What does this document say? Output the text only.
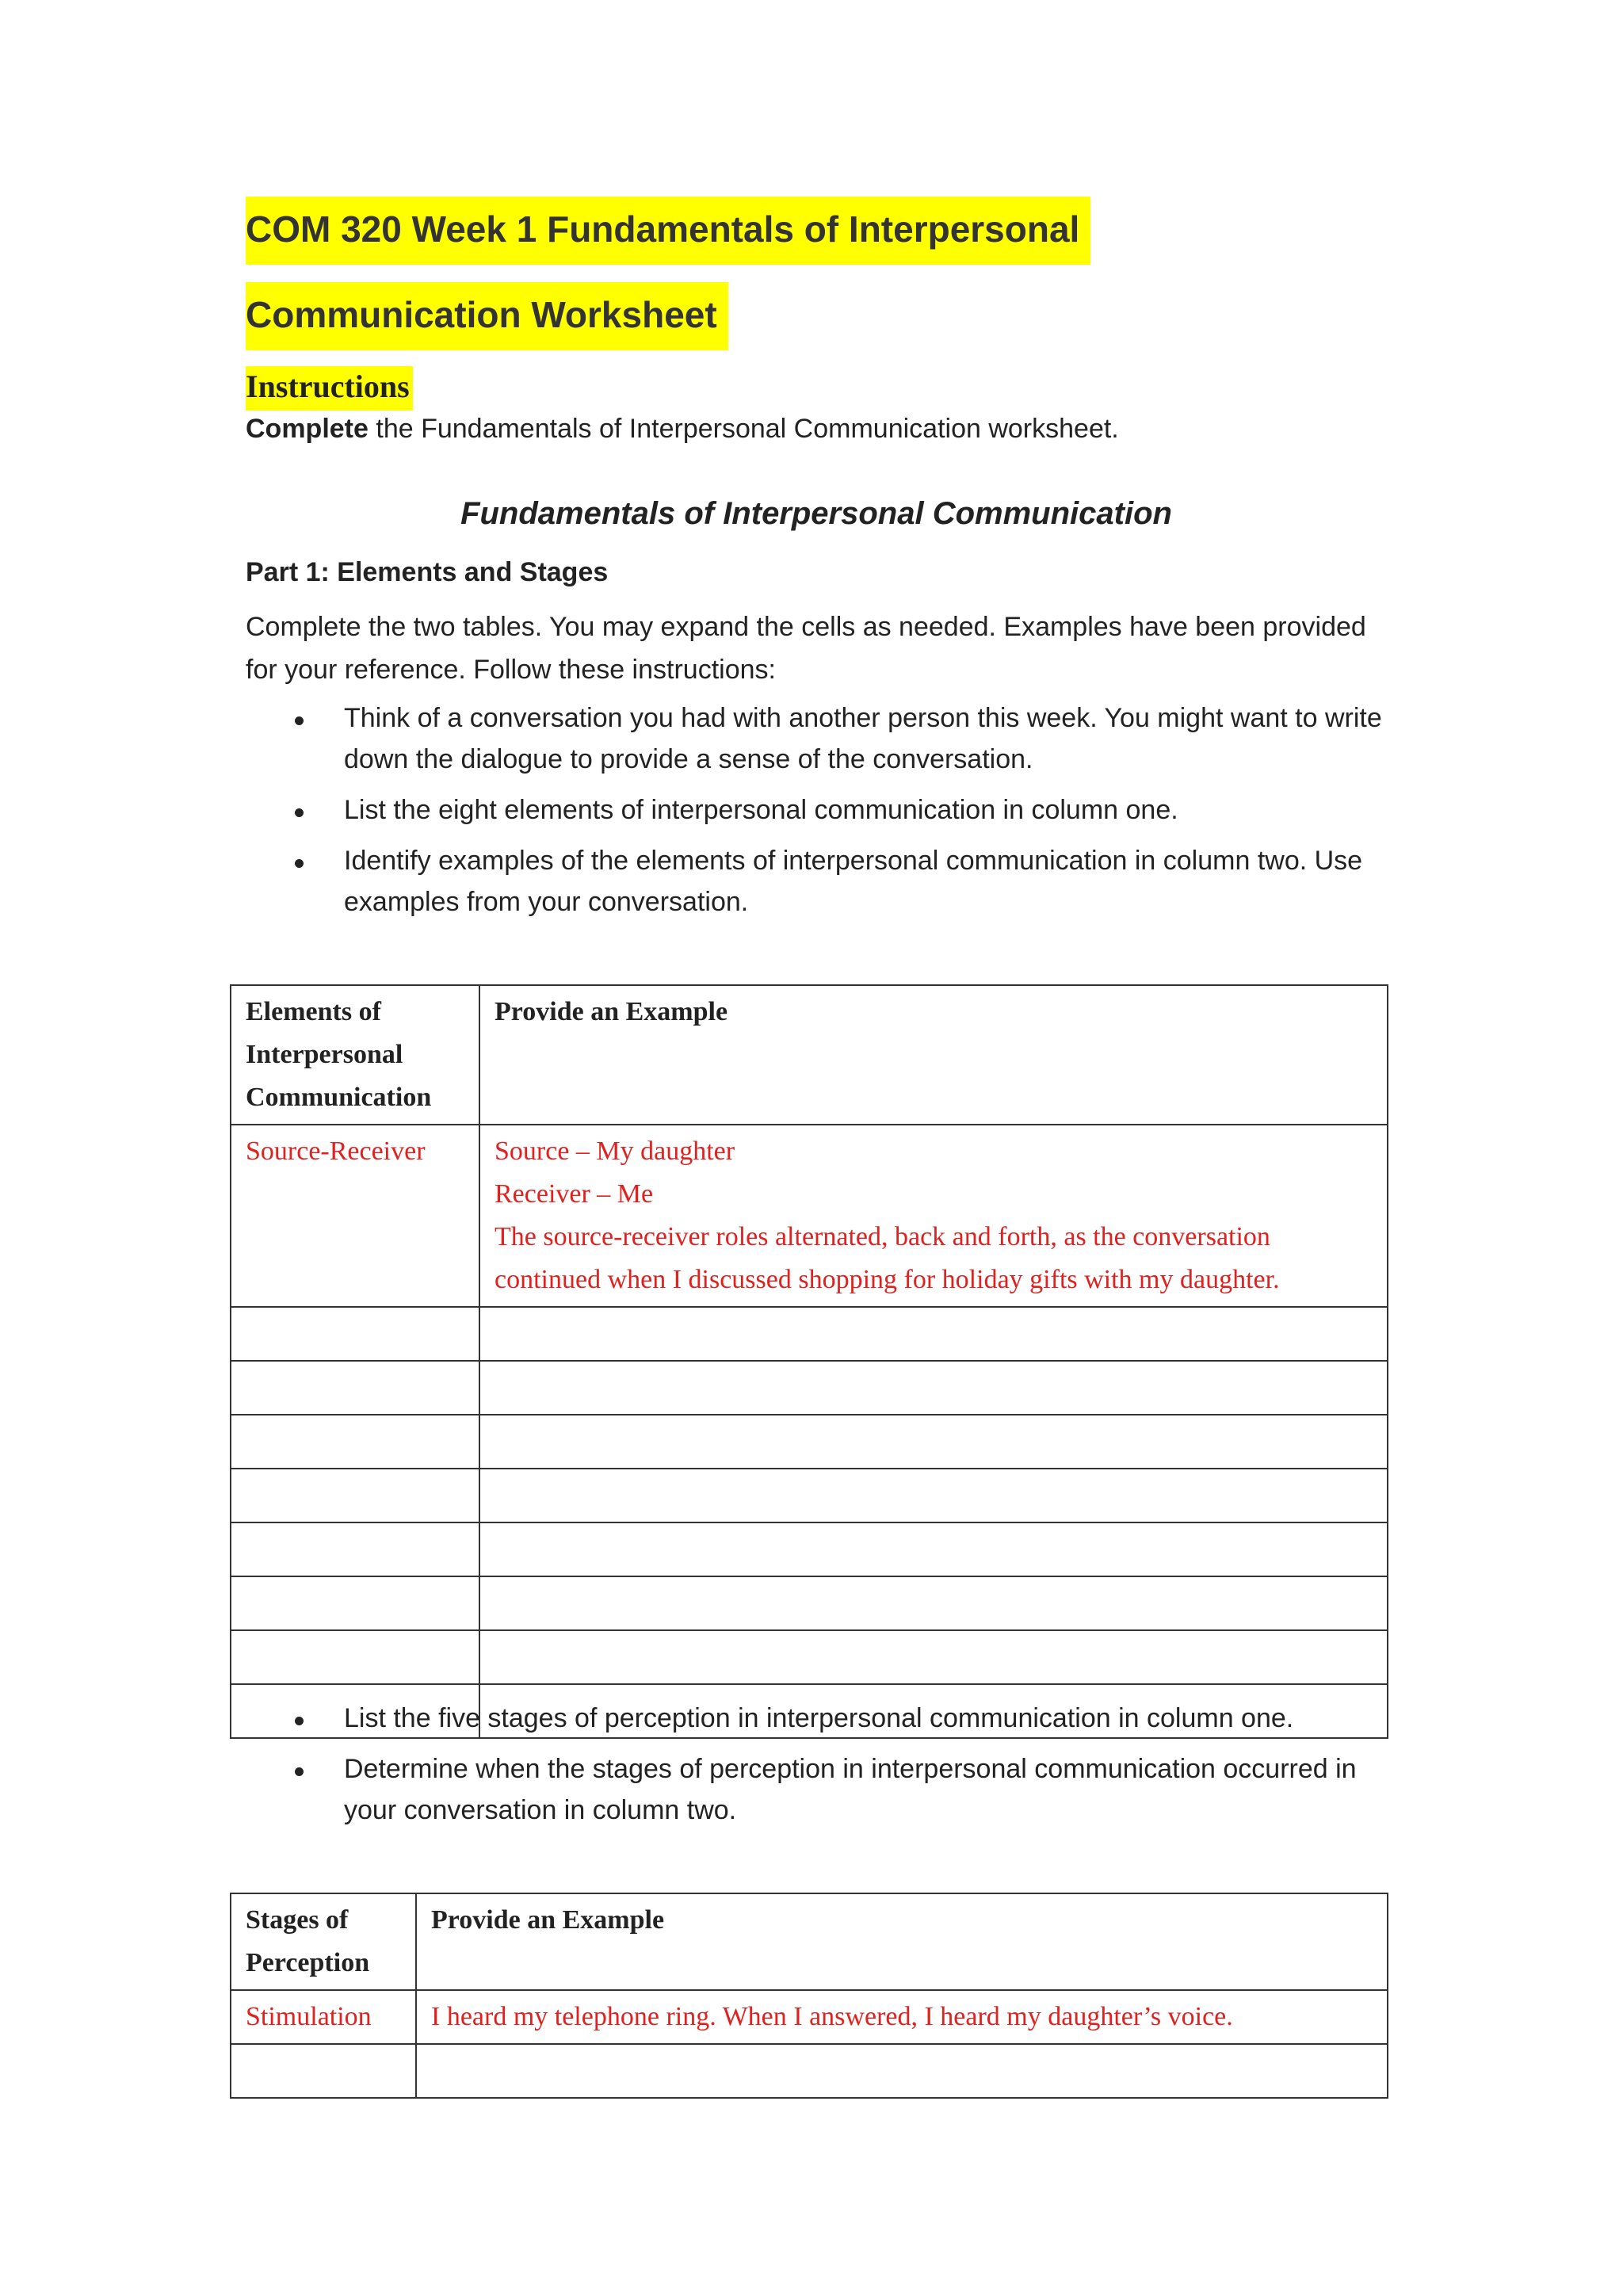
COM 320 Week 1 Fundamentals of Interpersonal
Communication Worksheet
Instructions
Complete the Fundamentals of Interpersonal Communication worksheet.
Fundamentals of Interpersonal Communication
Part 1: Elements and Stages
Complete the two tables. You may expand the cells as needed. Examples have been provided for your reference. Follow these instructions:
Think of a conversation you had with another person this week. You might want to write down the dialogue to provide a sense of the conversation.
List the eight elements of interpersonal communication in column one.
Identify examples of the elements of interpersonal communication in column two. Use examples from your conversation.
List the five stages of perception in interpersonal communication in column one.
Determine when the stages of perception in interpersonal communication occurred in your conversation in column two.
Elements of
Interpersonal
Communication	Provide an Example
Source-Receiver	Source – My daughter
Receiver – Me
The source-receiver roles alternated, back and forth, as the conversation continued when I discussed shopping for holiday gifts with my daughter.

Stages of
Perception	Provide an Example
Stimulation	I heard my telephone ring. When I answered, I heard my daughter’s voice.
